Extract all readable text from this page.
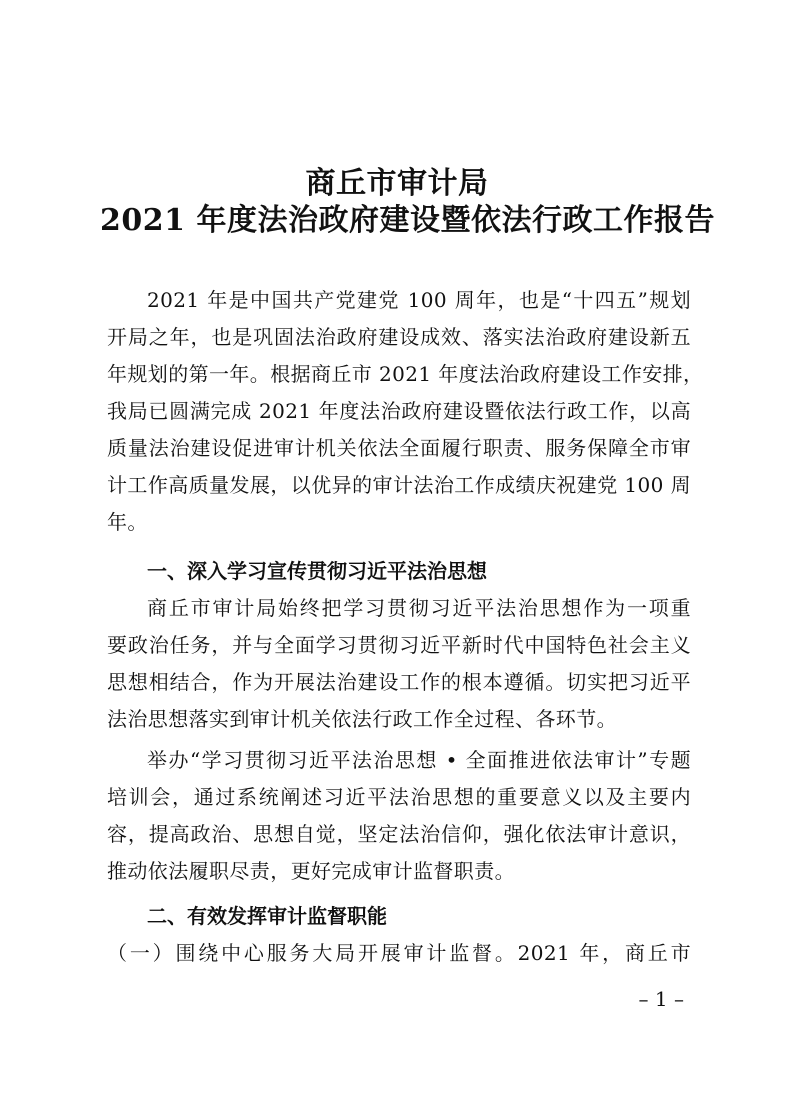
商丘市审计局
2021 年度法治政府建设暨依法行政工作报告
2021 年是中国共产党建党 100 周年，也是“十四五”规划
开局之年，也是巩固法治政府建设成效、落实法治政府建设新五
年规划的第一年。根据商丘市 2021 年度法治政府建设工作安排，
我局已圆满完成 2021 年度法治政府建设暨依法行政工作，以高
质量法治建设促进审计机关依法全面履行职责、服务保障全市审
计工作高质量发展，以优异的审计法治工作成绩庆祝建党 100 周
年。
一、深入学习宣传贯彻习近平法治思想
商丘市审计局始终把学习贯彻习近平法治思想作为一项重
要政治任务，并与全面学习贯彻习近平新时代中国特色社会主义
思想相结合，作为开展法治建设工作的根本遵循。切实把习近平
法治思想落实到审计机关依法行政工作全过程、各环节。
举办“学习贯彻习近平法治思想 • 全面推进依法审计”专题
培训会，通过系统阐述习近平法治思想的重要意义以及主要内
容，提高政治、思想自觉，坚定法治信仰，强化依法审计意识，
推动依法履职尽责，更好完成审计监督职责。
二、有效发挥审计监督职能
（一）围绕中心服务大局开展审计监督。2021 年，商丘市
– 1 –
